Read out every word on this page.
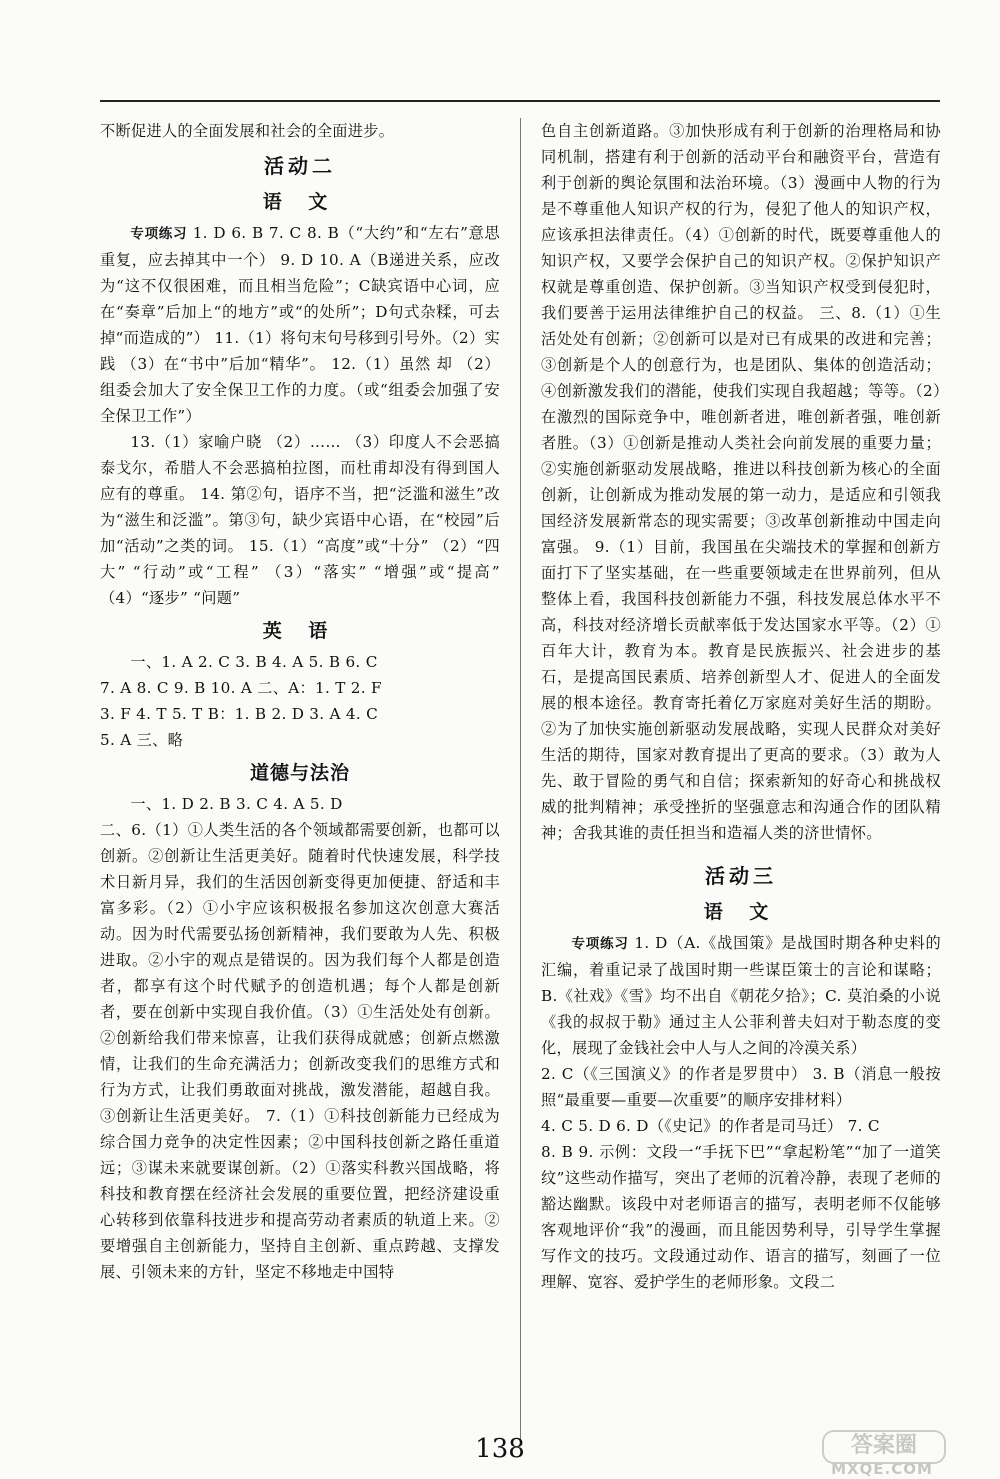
不断促进人的全面发展和社会的全面进步。

活动二
语 文

专项练习 1. D 6. B 7. C 8. B（“大约”和“左右”意思重复，应去掉其中一个） 9. D 10. A（B递进关系，应改为“这不仅很困难，而且相当危险”；C缺宾语中心词，应在“奏章”后加上“的地方”或“的处所”；D句式杂糅，可去掉“而造成的”） 11.（1）将句末句号移到引号外。（2）实践 （3）在“书中”后加“精华”。 12.（1）虽然 却 （2）组委会加大了安全保卫工作的力度。（或“组委会加强了安全保卫工作”）

13.（1）家喻户晓 （2）…… （3）印度人不会恶搞泰戈尔，希腊人不会恶搞柏拉图，而杜甫却没有得到国人应有的尊重。 14. 第②句，语序不当，把“泛滥和滋生”改为“滋生和泛滥”。第③句，缺少宾语中心语，在“校园”后加“活动”之类的词。 15.（1）“高度”或“十分” （2）“四大” “行动”或“工程” （3）“落实” “增强”或“提高” （4）“逐步” “问题”

英 语

一、1. A 2. C 3. B 4. A 5. B 6. C

7. A 8. C 9. B 10. A 二、A：1. T 2. F

3. F 4. T 5. T B：1. B 2. D 3. A 4. C

5. A 三、略

道德与法治

一、1. D 2. B 3. C 4. A 5. D

二、6.（1）①人类生活的各个领域都需要创新，也都可以创新。②创新让生活更美好。随着时代快速发展，科学技术日新月异，我们的生活因创新变得更加便捷、舒适和丰富多彩。（2）①小宇应该积极报名参加这次创意大赛活动。因为时代需要弘扬创新精神，我们要敢为人先、积极进取。②小宇的观点是错误的。因为我们每个人都是创造者，都享有这个时代赋予的创造机遇；每个人都是创新者，要在创新中实现自我价值。（3）①生活处处有创新。②创新给我们带来惊喜，让我们获得成就感；创新点燃激情，让我们的生命充满活力；创新改变我们的思维方式和行为方式，让我们勇敢面对挑战，激发潜能，超越自我。③创新让生活更美好。 7.（1）①科技创新能力已经成为综合国力竞争的决定性因素；②中国科技创新之路任重道远；③谋未来就要谋创新。（2）①落实科教兴国战略，将科技和教育摆在经济社会发展的重要位置，把经济建设重心转移到依靠科技进步和提高劳动者素质的轨道上来。②要增强自主创新能力，坚持自主创新、重点跨越、支撑发展、引领未来的方针，坚定不移地走中国特

色自主创新道路。③加快形成有利于创新的治理格局和协同机制，搭建有利于创新的活动平台和融资平台，营造有利于创新的舆论氛围和法治环境。（3）漫画中人物的行为是不尊重他人知识产权的行为，侵犯了他人的知识产权，应该承担法律责任。（4）①创新的时代，既要尊重他人的知识产权，又要学会保护自己的知识产权。②保护知识产权就是尊重创造、保护创新。③当知识产权受到侵犯时，我们要善于运用法律维护自己的权益。 三、8.（1）①生活处处有创新；②创新可以是对已有成果的改进和完善；③创新是个人的创意行为，也是团队、集体的创造活动；④创新激发我们的潜能，使我们实现自我超越；等等。（2）在激烈的国际竞争中，唯创新者进，唯创新者强，唯创新者胜。（3）①创新是推动人类社会向前发展的重要力量；②实施创新驱动发展战略，推进以科技创新为核心的全面创新，让创新成为推动发展的第一动力，是适应和引领我国经济发展新常态的现实需要；③改革创新推动中国走向富强。 9.（1）目前，我国虽在尖端技术的掌握和创新方面打下了坚实基础，在一些重要领域走在世界前列，但从整体上看，我国科技创新能力不强，科技发展总体水平不高，科技对经济增长贡献率低于发达国家水平等。（2）①百年大计，教育为本。教育是民族振兴、社会进步的基石，是提高国民素质、培养创新型人才、促进人的全面发展的根本途径。教育寄托着亿万家庭对美好生活的期盼。②为了加快实施创新驱动发展战略，实现人民群众对美好生活的期待，国家对教育提出了更高的要求。（3）敢为人先、敢于冒险的勇气和自信；探索新知的好奇心和挑战权威的批判精神；承受挫折的坚强意志和沟通合作的团队精神；舍我其谁的责任担当和造福人类的济世情怀。

活动三
语 文

专项练习 1. D（A.《战国策》是战国时期各种史料的汇编，着重记录了战国时期一些谋臣策士的言论和谋略；B.《社戏》《雪》均不出自《朝花夕拾》；C. 莫泊桑的小说《我的叔叔于勒》通过主人公菲利普夫妇对于勒态度的变化，展现了金钱社会中人与人之间的冷漠关系）

2. C（《三国演义》的作者是罗贯中） 3. B（消息一般按照“最重要—重要—次重要”的顺序安排材料）

4. C 5. D 6. D（《史记》的作者是司马迁） 7. C

8. B 9. 示例：文段一“手抚下巴”“拿起粉笔”“加了一道笑纹”这些动作描写，突出了老师的沉着冷静，表现了老师的豁达幽默。该段中对老师语言的描写，表明老师不仅能够客观地评价“我”的漫画，而且能因势利导，引导学生掌握写作文的技巧。文段通过动作、语言的描写，刻画了一位理解、宽容、爱护学生的老师形象。文段二

138	答案圈
MXQE.COM
